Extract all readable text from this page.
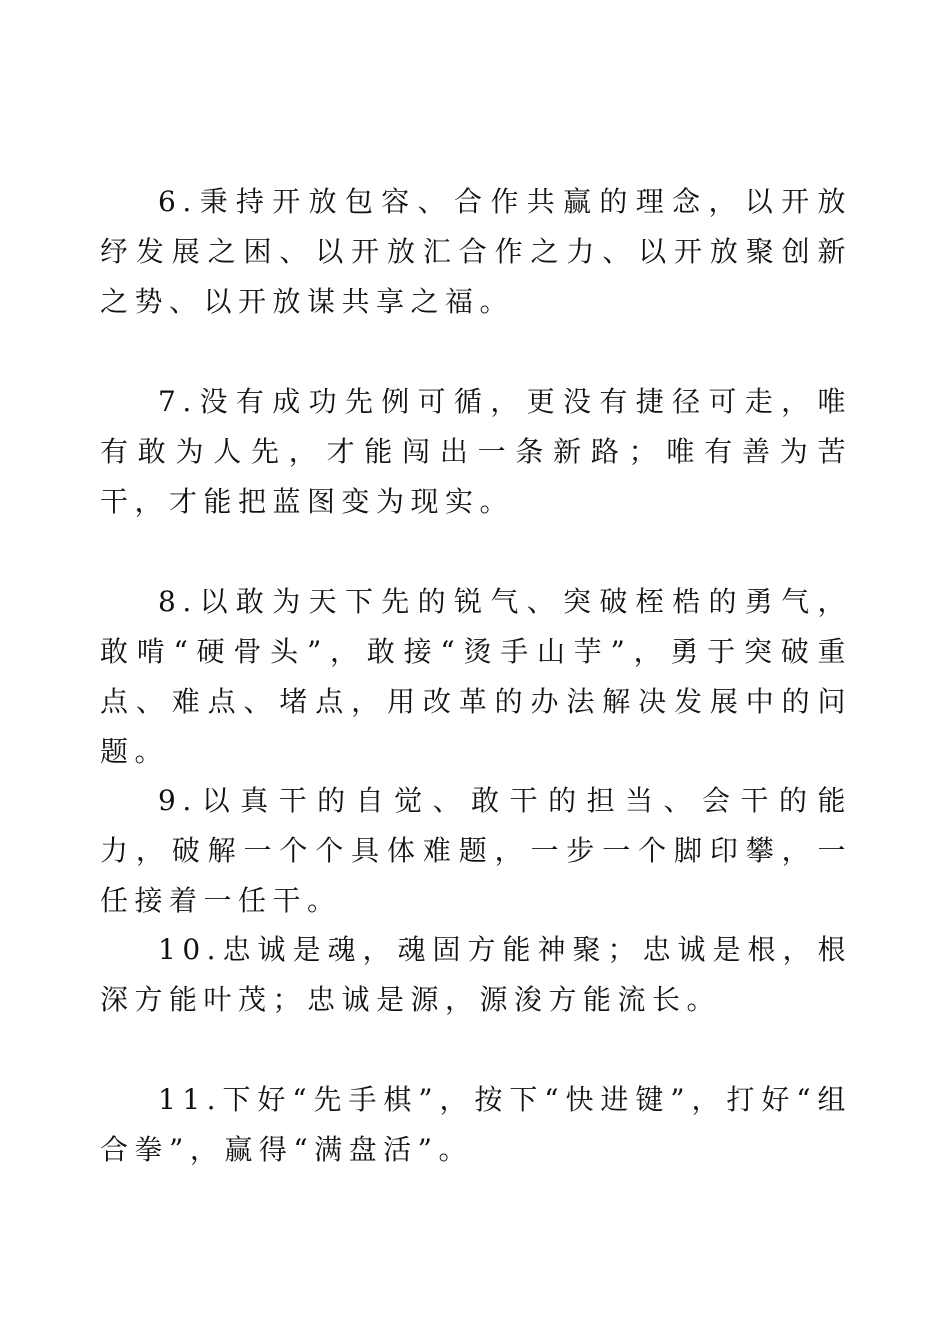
6.秉持开放包容、合作共赢的理念，以开放纾发展之困、以开放汇合作之力、以开放聚创新之势、以开放谋共享之福。

7.没有成功先例可循，更没有捷径可走，唯有敢为人先，才能闯出一条新路；唯有善为苦干，才能把蓝图变为现实。

8.以敢为天下先的锐气、突破桎梏的勇气，敢啃“硬骨头”，敢接“烫手山芋”，勇于突破重点、难点、堵点，用改革的办法解决发展中的问题。

9.以真干的自觉、敢干的担当、会干的能力，破解一个个具体难题，一步一个脚印攀，一任接着一任干。

10.忠诚是魂，魂固方能神聚；忠诚是根，根深方能叶茂；忠诚是源，源浚方能流长。

11.下好“先手棋”，按下“快进键”，打好“组合拳”，赢得“满盘活”。
